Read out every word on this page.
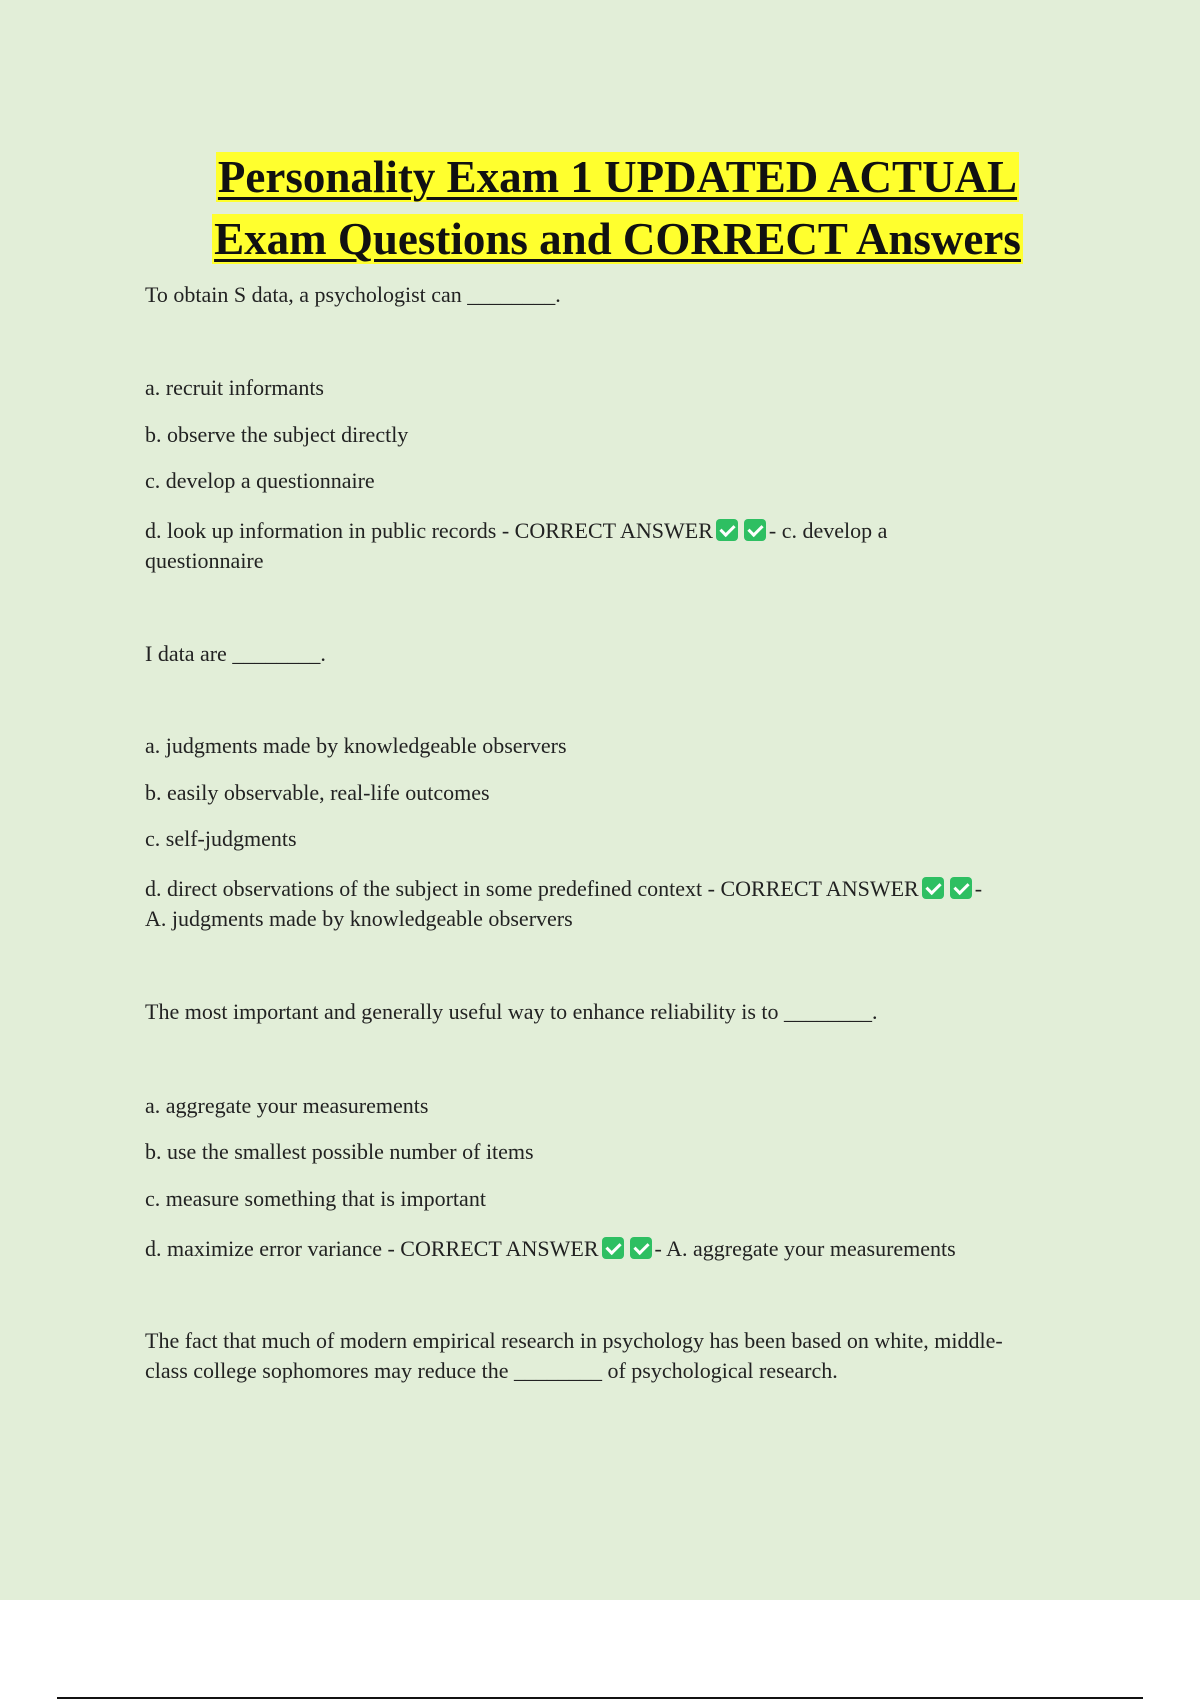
Personality Exam 1 UPDATED ACTUAL
Exam Questions and CORRECT Answers
To obtain S data, a psychologist can ________.
a. recruit informants
b. observe the subject directly
c. develop a questionnaire
d. look up information in public records - CORRECT ANSWER	- c. develop a
questionnaire
I data are ________.
a. judgments made by knowledgeable observers
b. easily observable, real-life outcomes
c. self-judgments
d. direct observations of the subject in some predefined context - CORRECT ANSWER	-
A. judgments made by knowledgeable observers
The most important and generally useful way to enhance reliability is to ________.
a. aggregate your measurements
b. use the smallest possible number of items
c. measure something that is important
d. maximize error variance - CORRECT ANSWER	- A. aggregate your measurements
The fact that much of modern empirical research in psychology has been based on white, middle-
class college sophomores may reduce the ________ of psychological research.
